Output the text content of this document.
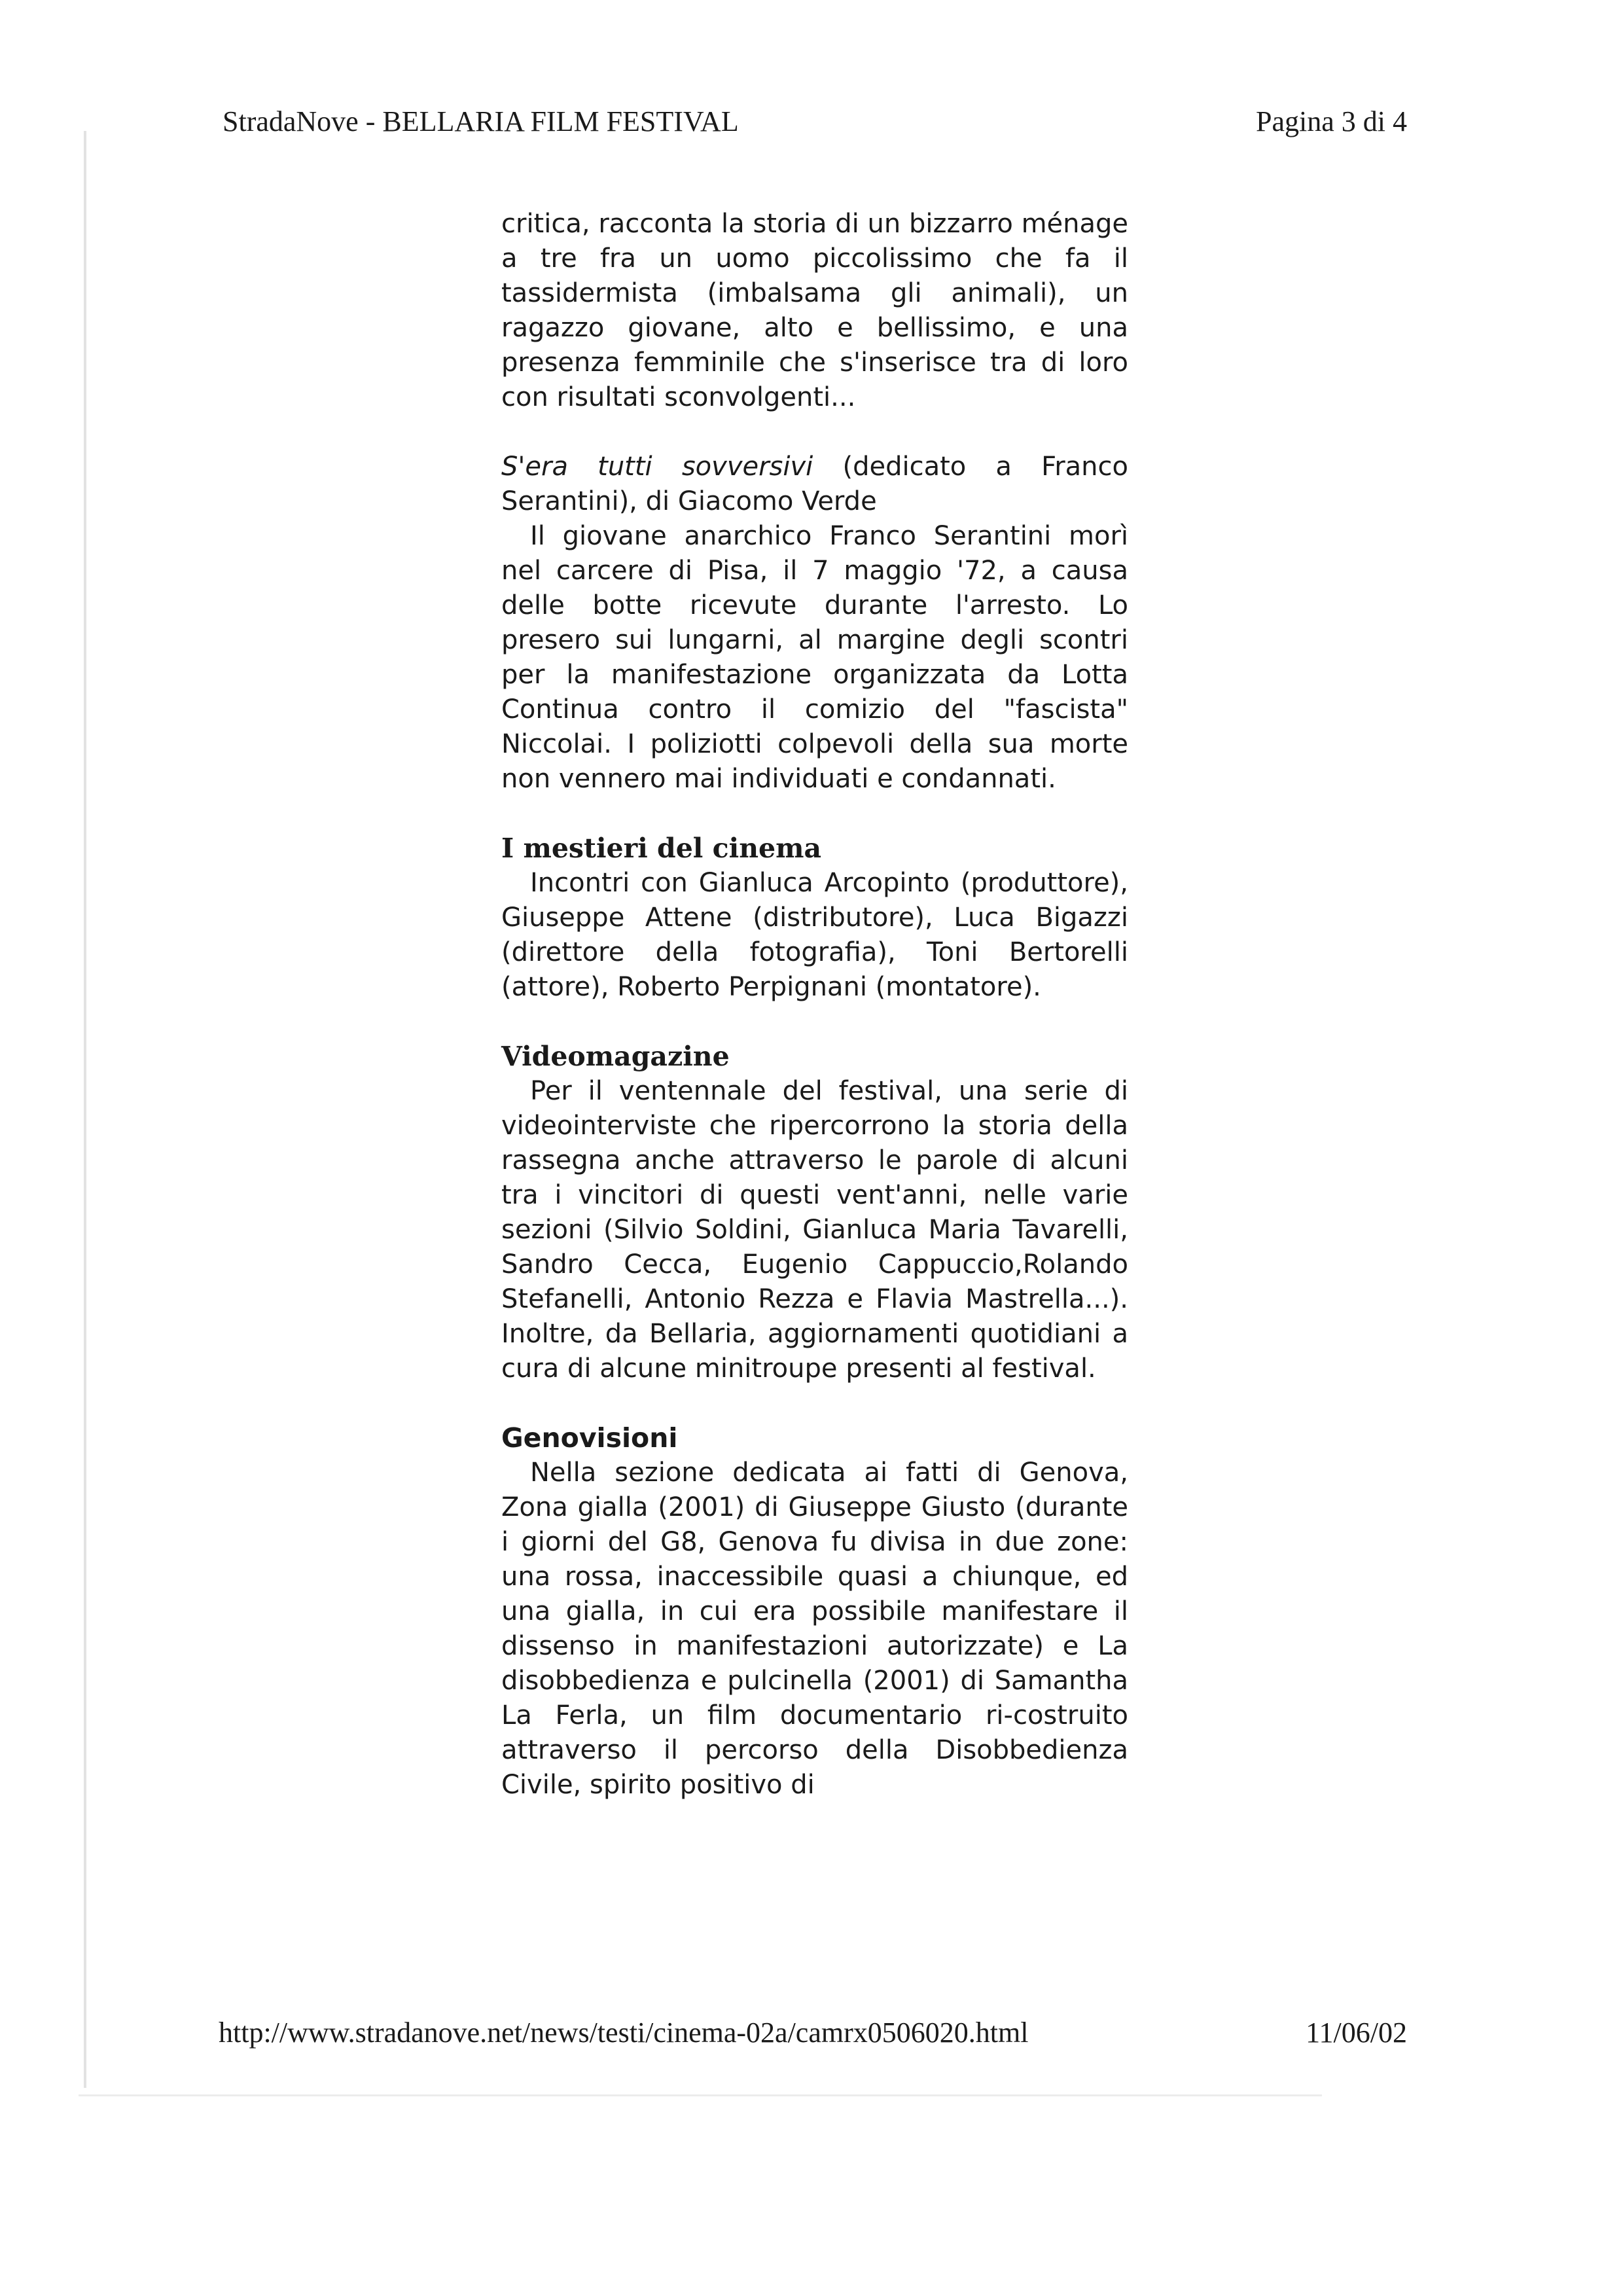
StradaNove - BELLARIA FILM FESTIVAL	Pagina 3 di 4

critica, racconta la storia di un bizzarro ménage a tre fra un uomo piccolissimo che fa il tassidermista (imbalsama gli animali), un ragazzo giovane, alto e bellissimo, e una presenza femminile che s'inserisce tra di loro con risultati sconvolgenti...

S'era tutti sovversivi (dedicato a Franco Serantini), di Giacomo Verde

Il giovane anarchico Franco Serantini morì nel carcere di Pisa, il 7 maggio '72, a causa delle botte ricevute durante l'arresto. Lo presero sui lungarni, al margine degli scontri per la manifestazione organizzata da Lotta Continua contro il comizio del "fascista" Niccolai. I poliziotti colpevoli della sua morte non vennero mai individuati e condannati.

I mestieri del cinema

Incontri con Gianluca Arcopinto (produttore), Giuseppe Attene (distributore), Luca Bigazzi (direttore della fotografia), Toni Bertorelli (attore), Roberto Perpignani (montatore).

Videomagazine

Per il ventennale del festival, una serie di videointerviste che ripercorrono la storia della rassegna anche attraverso le parole di alcuni tra i vincitori di questi vent'anni, nelle varie sezioni (Silvio Soldini, Gianluca Maria Tavarelli, Sandro Cecca, Eugenio Cappuccio,Rolando Stefanelli, Antonio Rezza e Flavia Mastrella...). Inoltre, da Bellaria, aggiornamenti quotidiani a cura di alcune minitroupe presenti al festival.

Genovisioni

Nella sezione dedicata ai fatti di Genova, Zona gialla (2001) di Giuseppe Giusto (durante i giorni del G8, Genova fu divisa in due zone: una rossa, inaccessibile quasi a chiunque, ed una gialla, in cui era possibile manifestare il dissenso in manifestazioni autorizzate) e La disobbedienza e pulcinella (2001) di Samantha La Ferla, un film documentario ri-costruito attraverso il percorso della Disobbedienza Civile, spirito positivo di

http://www.stradanove.net/news/testi/cinema-02a/camrx0506020.html	11/06/02
